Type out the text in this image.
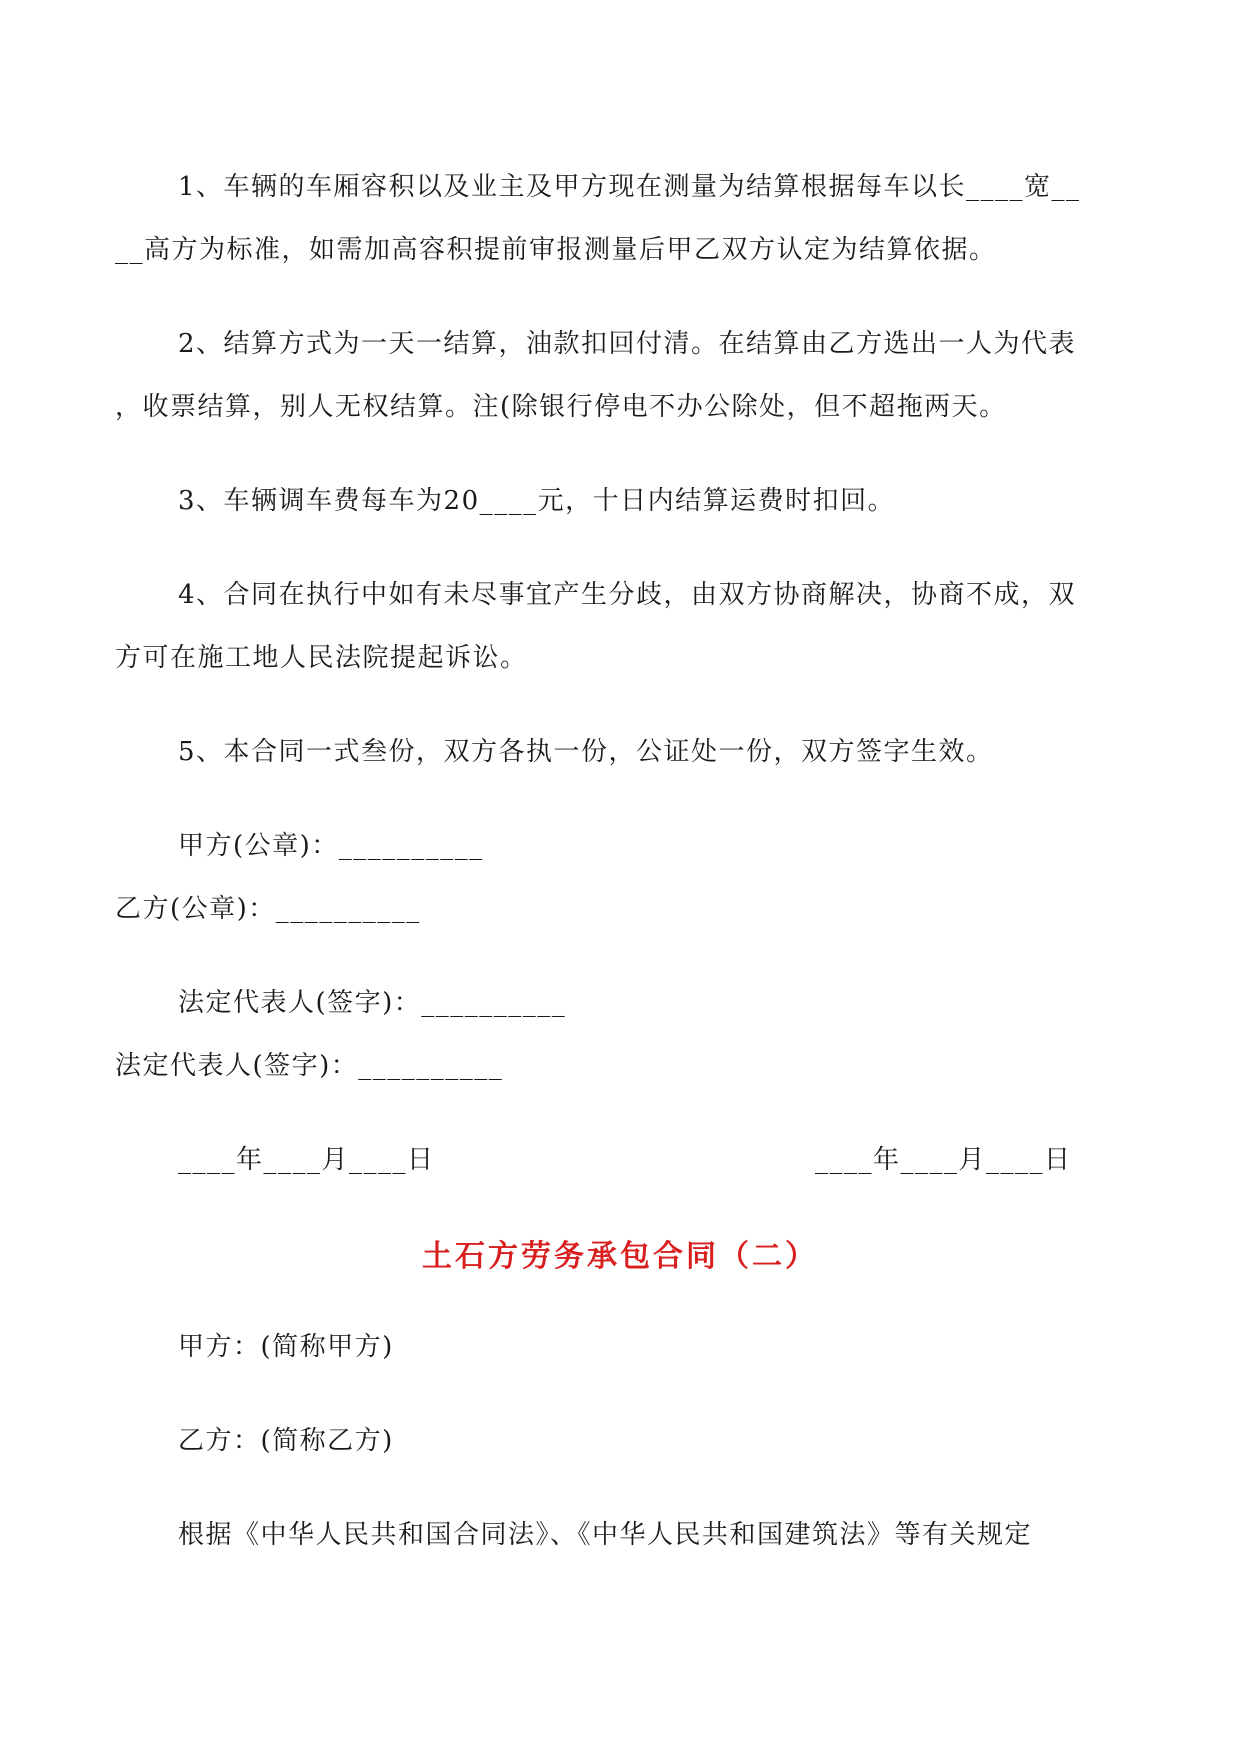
1、车辆的车厢容积以及业主及甲方现在测量为结算根据每车以长____宽__
__高方为标准，如需加高容积提前审报测量后甲乙双方认定为结算依据。
2、结算方式为一天一结算，油款扣回付清。在结算由乙方选出一人为代表
，收票结算，别人无权结算。注(除银行停电不办公除处，但不超拖两天。
3、车辆调车费每车为20____元，十日内结算运费时扣回。
4、合同在执行中如有未尽事宜产生分歧，由双方协商解决，协商不成，双
方可在施工地人民法院提起诉讼。
5、本合同一式叁份，双方各执一份，公证处一份，双方签字生效。
甲方(公章)：__________
乙方(公章)：__________
法定代表人(签字)：__________
法定代表人(签字)：__________
____年____月____日	____年____月____日
土石方劳务承包合同（二）
甲方：(简称甲方)
乙方：(简称乙方)
根据《中华人民共和国合同法》、《中华人民共和国建筑法》等有关规定
